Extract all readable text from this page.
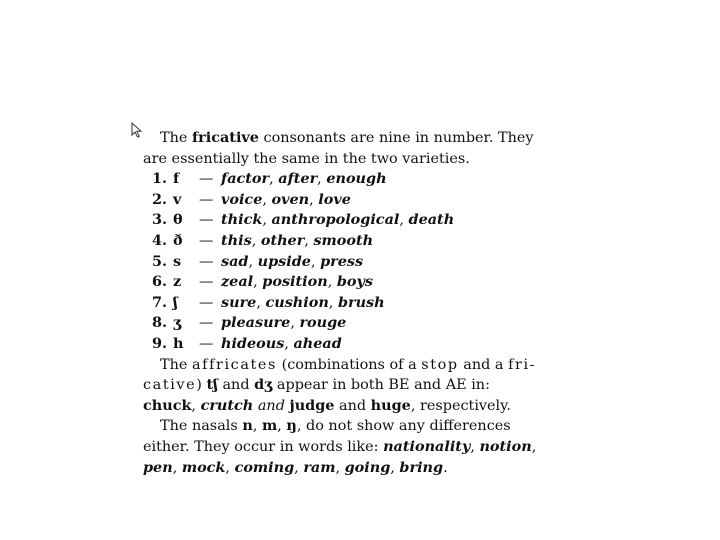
The fricative consonants are nine in number. They
are essentially the same in the two varieties.
1. f — factor, after, enough
2. v — voice, oven, love
3. θ — thick, anthropological, death
4. ð — this, other, smooth
5. s — sad, upside, press
6. z — zeal, position, boys
7. ʃ — sure, cushion, brush
8. ʒ — pleasure, rouge
9. h — hideous, ahead
The affricates (combinations of a stop and a fri-
cative) tʃ and dʒ appear in both BE and AE in:
chuck, crutch and judge and huge, respectively.
The nasals n, m, ŋ, do not show any differences
either. They occur in words like: nationality, notion,
pen, mock, coming, ram, going, bring.
